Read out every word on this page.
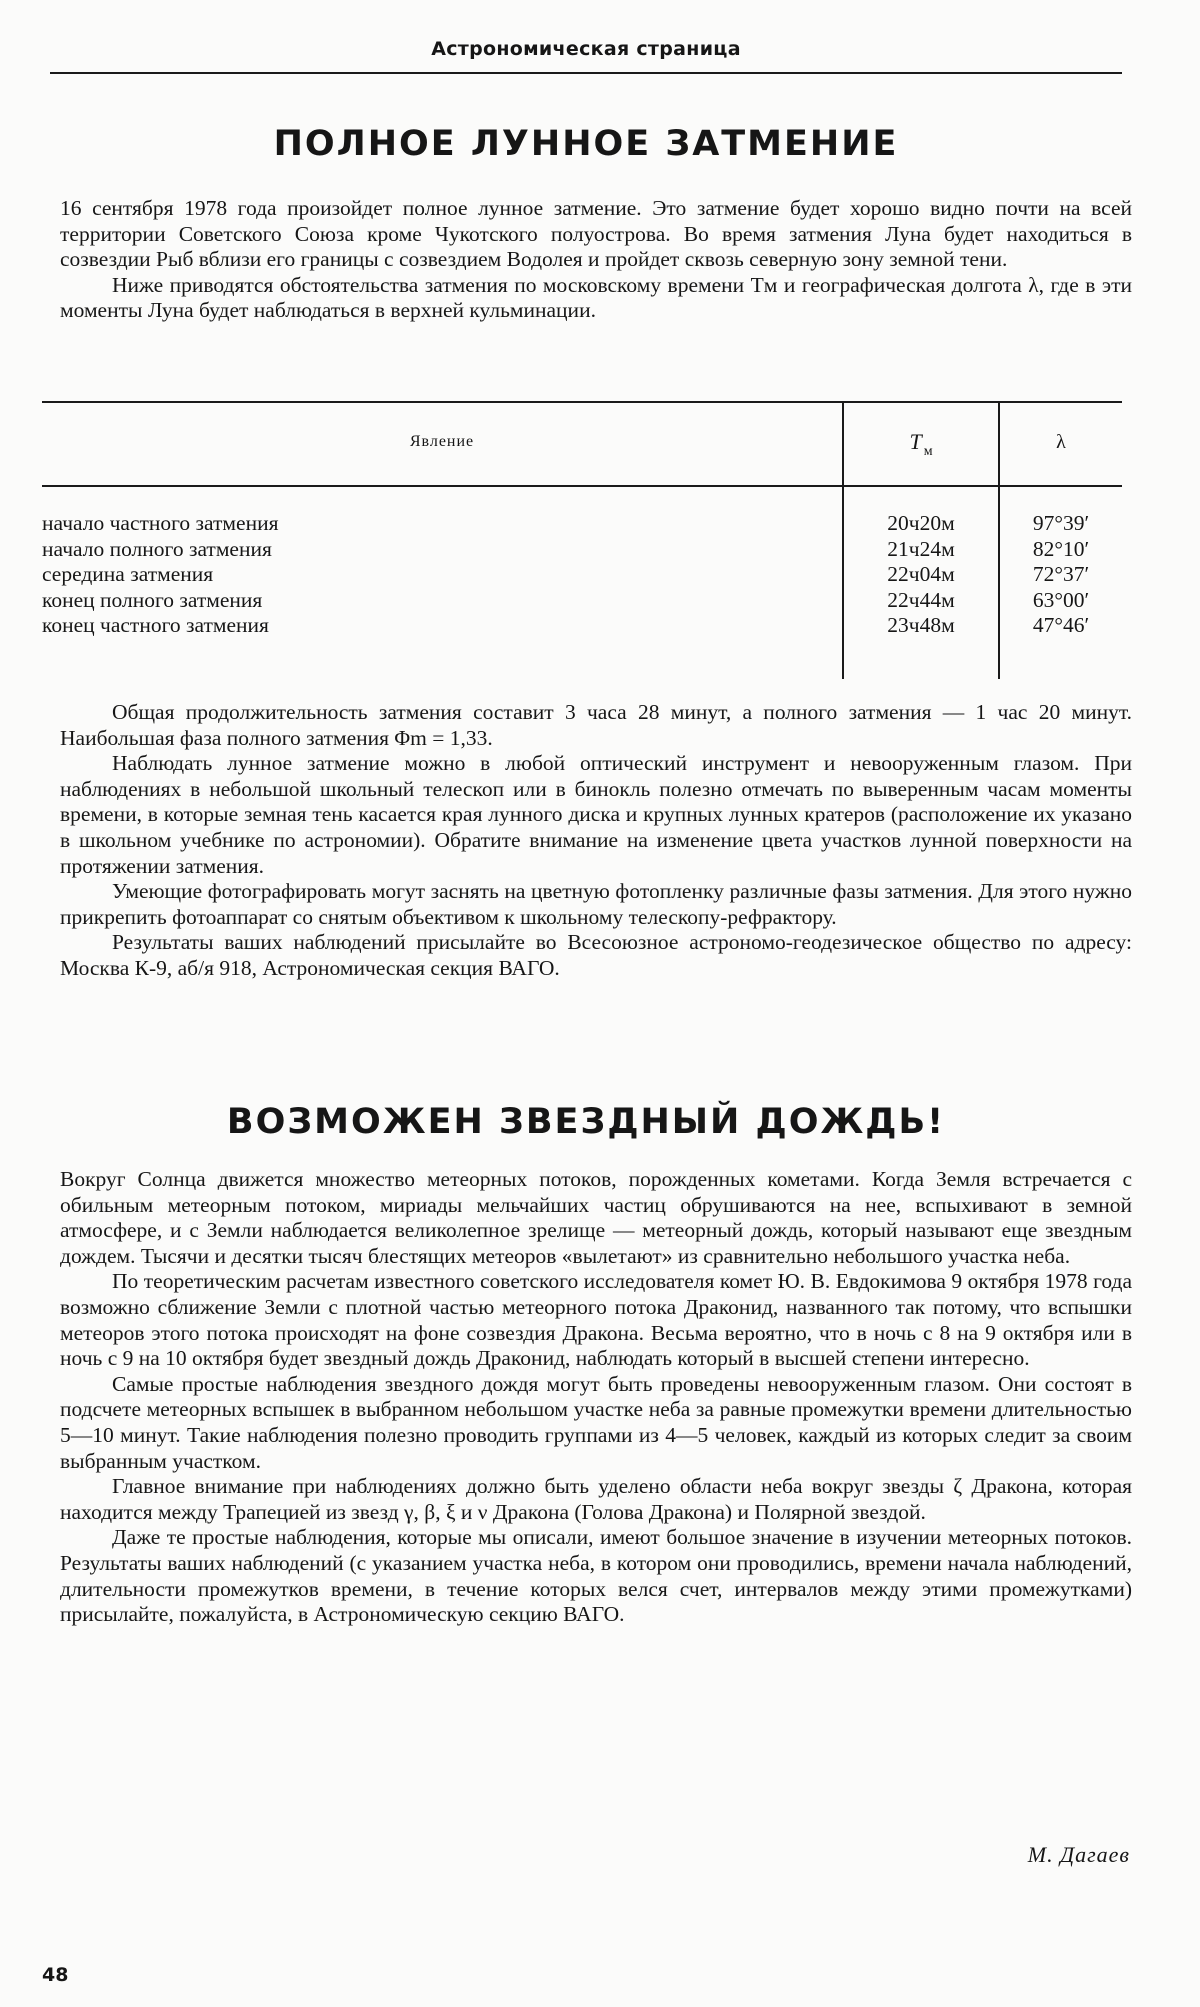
Астрономическая страница
ПОЛНОЕ ЛУННОЕ ЗАТМЕНИЕ

16 сентября 1978 года произойдет полное лунное затмение. Это затмение будет хорошо видно почти на всей территории Советского Союза кроме Чукотского полуострова. Во время затмения Луна будет находиться в созвездии Рыб вблизи его границы с созвездием Водолея и пройдет сквозь северную зону земной тени.

Ниже приводятся обстоятельства затмения по московскому времени Tм и географическая долгота λ, где в эти моменты Луна будет наблюдаться в верхней кульминации.

Явление	T $_м$	λ
начало частного затмения	20ч20м	97°39′
начало полного затмения	21ч24м	82°10′
середина затмения	22ч04м	72°37′
конец полного затмения	22ч44м	63°00′
конец частного затмения	23ч48м	47°46′

Общая продолжительность затмения составит 3 часа 28 минут, а полного затмения — 1 час 20 минут. Наибольшая фаза полного затмения Φm = 1,33.

Наблюдать лунное затмение можно в любой оптический инструмент и невооруженным глазом. При наблюдениях в небольшой школьный телескоп или в бинокль полезно отмечать по выверенным часам моменты времени, в которые земная тень касается края лунного диска и крупных лунных кратеров (расположение их указано в школьном учебнике по астрономии). Обратите внимание на изменение цвета участков лунной поверхности на протяжении затмения.

Умеющие фотографировать могут заснять на цветную фотопленку различные фазы затмения. Для этого нужно прикрепить фотоаппарат со снятым объективом к школьному телескопу-рефрактору.

Результаты ваших наблюдений присылайте во Всесоюзное астрономо-геодезическое общество по адресу: Москва К-9, аб/я 918, Астрономическая секция ВАГО.

ВОЗМОЖЕН ЗВЕЗДНЫЙ ДОЖДЬ!

Вокруг Солнца движется множество метеорных потоков, порожденных кометами. Когда Земля встречается с обильным метеорным потоком, мириады мельчайших частиц обрушиваются на нее, вспыхивают в земной атмосфере, и с Земли наблюдается великолепное зрелище — метеорный дождь, который называют еще звездным дождем. Тысячи и десятки тысяч блестящих метеоров «вылетают» из сравнительно небольшого участка неба.

По теоретическим расчетам известного советского исследователя комет Ю. В. Евдокимова 9 октября 1978 года возможно сближение Земли с плотной частью метеорного потока Драконид, названного так потому, что вспышки метеоров этого потока происходят на фоне созвездия Дракона. Весьма вероятно, что в ночь с 8 на 9 октября или в ночь с 9 на 10 октября будет звездный дождь Драконид, наблюдать который в высшей степени интересно.

Самые простые наблюдения звездного дождя могут быть проведены невооруженным глазом. Они состоят в подсчете метеорных вспышек в выбранном небольшом участке неба за равные промежутки времени длительностью 5—10 минут. Такие наблюдения полезно проводить группами из 4—5 человек, каждый из которых следит за своим выбранным участком.

Главное внимание при наблюдениях должно быть уделено области неба вокруг звезды ζ Дракона, которая находится между Трапецией из звезд γ, β, ξ и ν Дракона (Голова Дракона) и Полярной звездой.

Даже те простые наблюдения, которые мы описали, имеют большое значение в изучении метеорных потоков. Результаты ваших наблюдений (с указанием участка неба, в котором они проводились, времени начала наблюдений, длительности промежутков времени, в течение которых велся счет, интервалов между этими промежутками) присылайте, пожалуйста, в Астрономическую секцию ВАГО.

М. Дагаев
48
